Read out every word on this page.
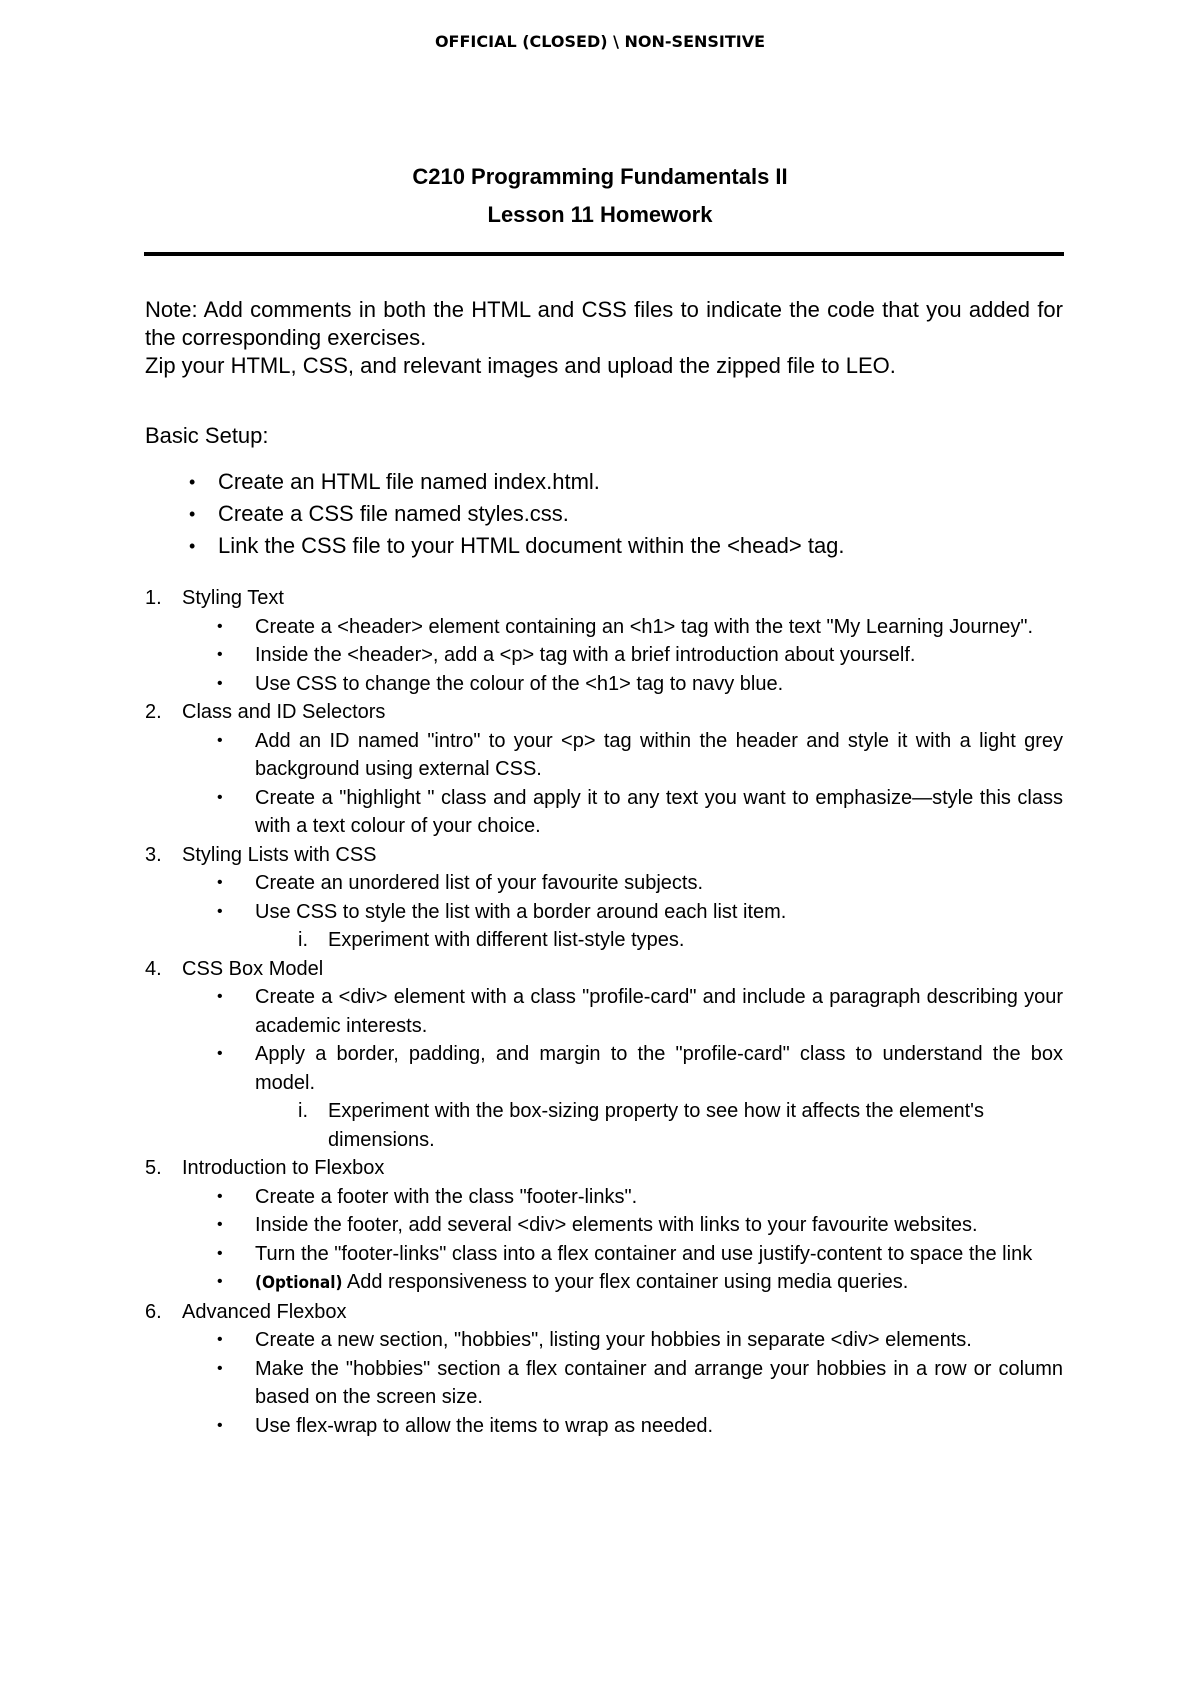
OFFICIAL (CLOSED) \ NON-SENSITIVE
C210 Programming Fundamentals II
Lesson 11 Homework

Note: Add comments in both the HTML and CSS files to indicate the code that you added for the corresponding exercises.

Zip your HTML, CSS, and relevant images and upload the zipped file to LEO.

Basic Setup:

• Create an HTML file named index.html.
• Create a CSS file named styles.css.
• Link the CSS file to your HTML document within the <head> tag.
1. Styling Text
• Create a <header> element containing an <h1> tag with the text "My Learning Journey".
• Inside the <header>, add a <p> tag with a brief introduction about yourself.
• Use CSS to change the colour of the <h1> tag to navy blue.
2. Class and ID Selectors
• Add an ID named "intro" to your <p> tag within the header and style it with a light grey background using external CSS.
• Create a "highlight " class and apply it to any text you want to emphasize—style this class with a text colour of your choice.
3. Styling Lists with CSS
• Create an unordered list of your favourite subjects.
• Use CSS to style the list with a border around each list item.
i. Experiment with different list-style types.
4. CSS Box Model
• Create a <div> element with a class "profile-card" and include a paragraph describing your academic interests.
• Apply a border, padding, and margin to the "profile-card" class to understand the box model.
i. Experiment with the box-sizing property to see how it affects the element's dimensions.
5. Introduction to Flexbox
• Create a footer with the class "footer-links".
• Inside the footer, add several <div> elements with links to your favourite websites.
• Turn the "footer-links" class into a flex container and use justify-content to space the link
• (Optional) Add responsiveness to your flex container using media queries.
6. Advanced Flexbox
• Create a new section, "hobbies", listing your hobbies in separate <div> elements.
• Make the "hobbies" section a flex container and arrange your hobbies in a row or column based on the screen size.
• Use flex-wrap to allow the items to wrap as needed.
